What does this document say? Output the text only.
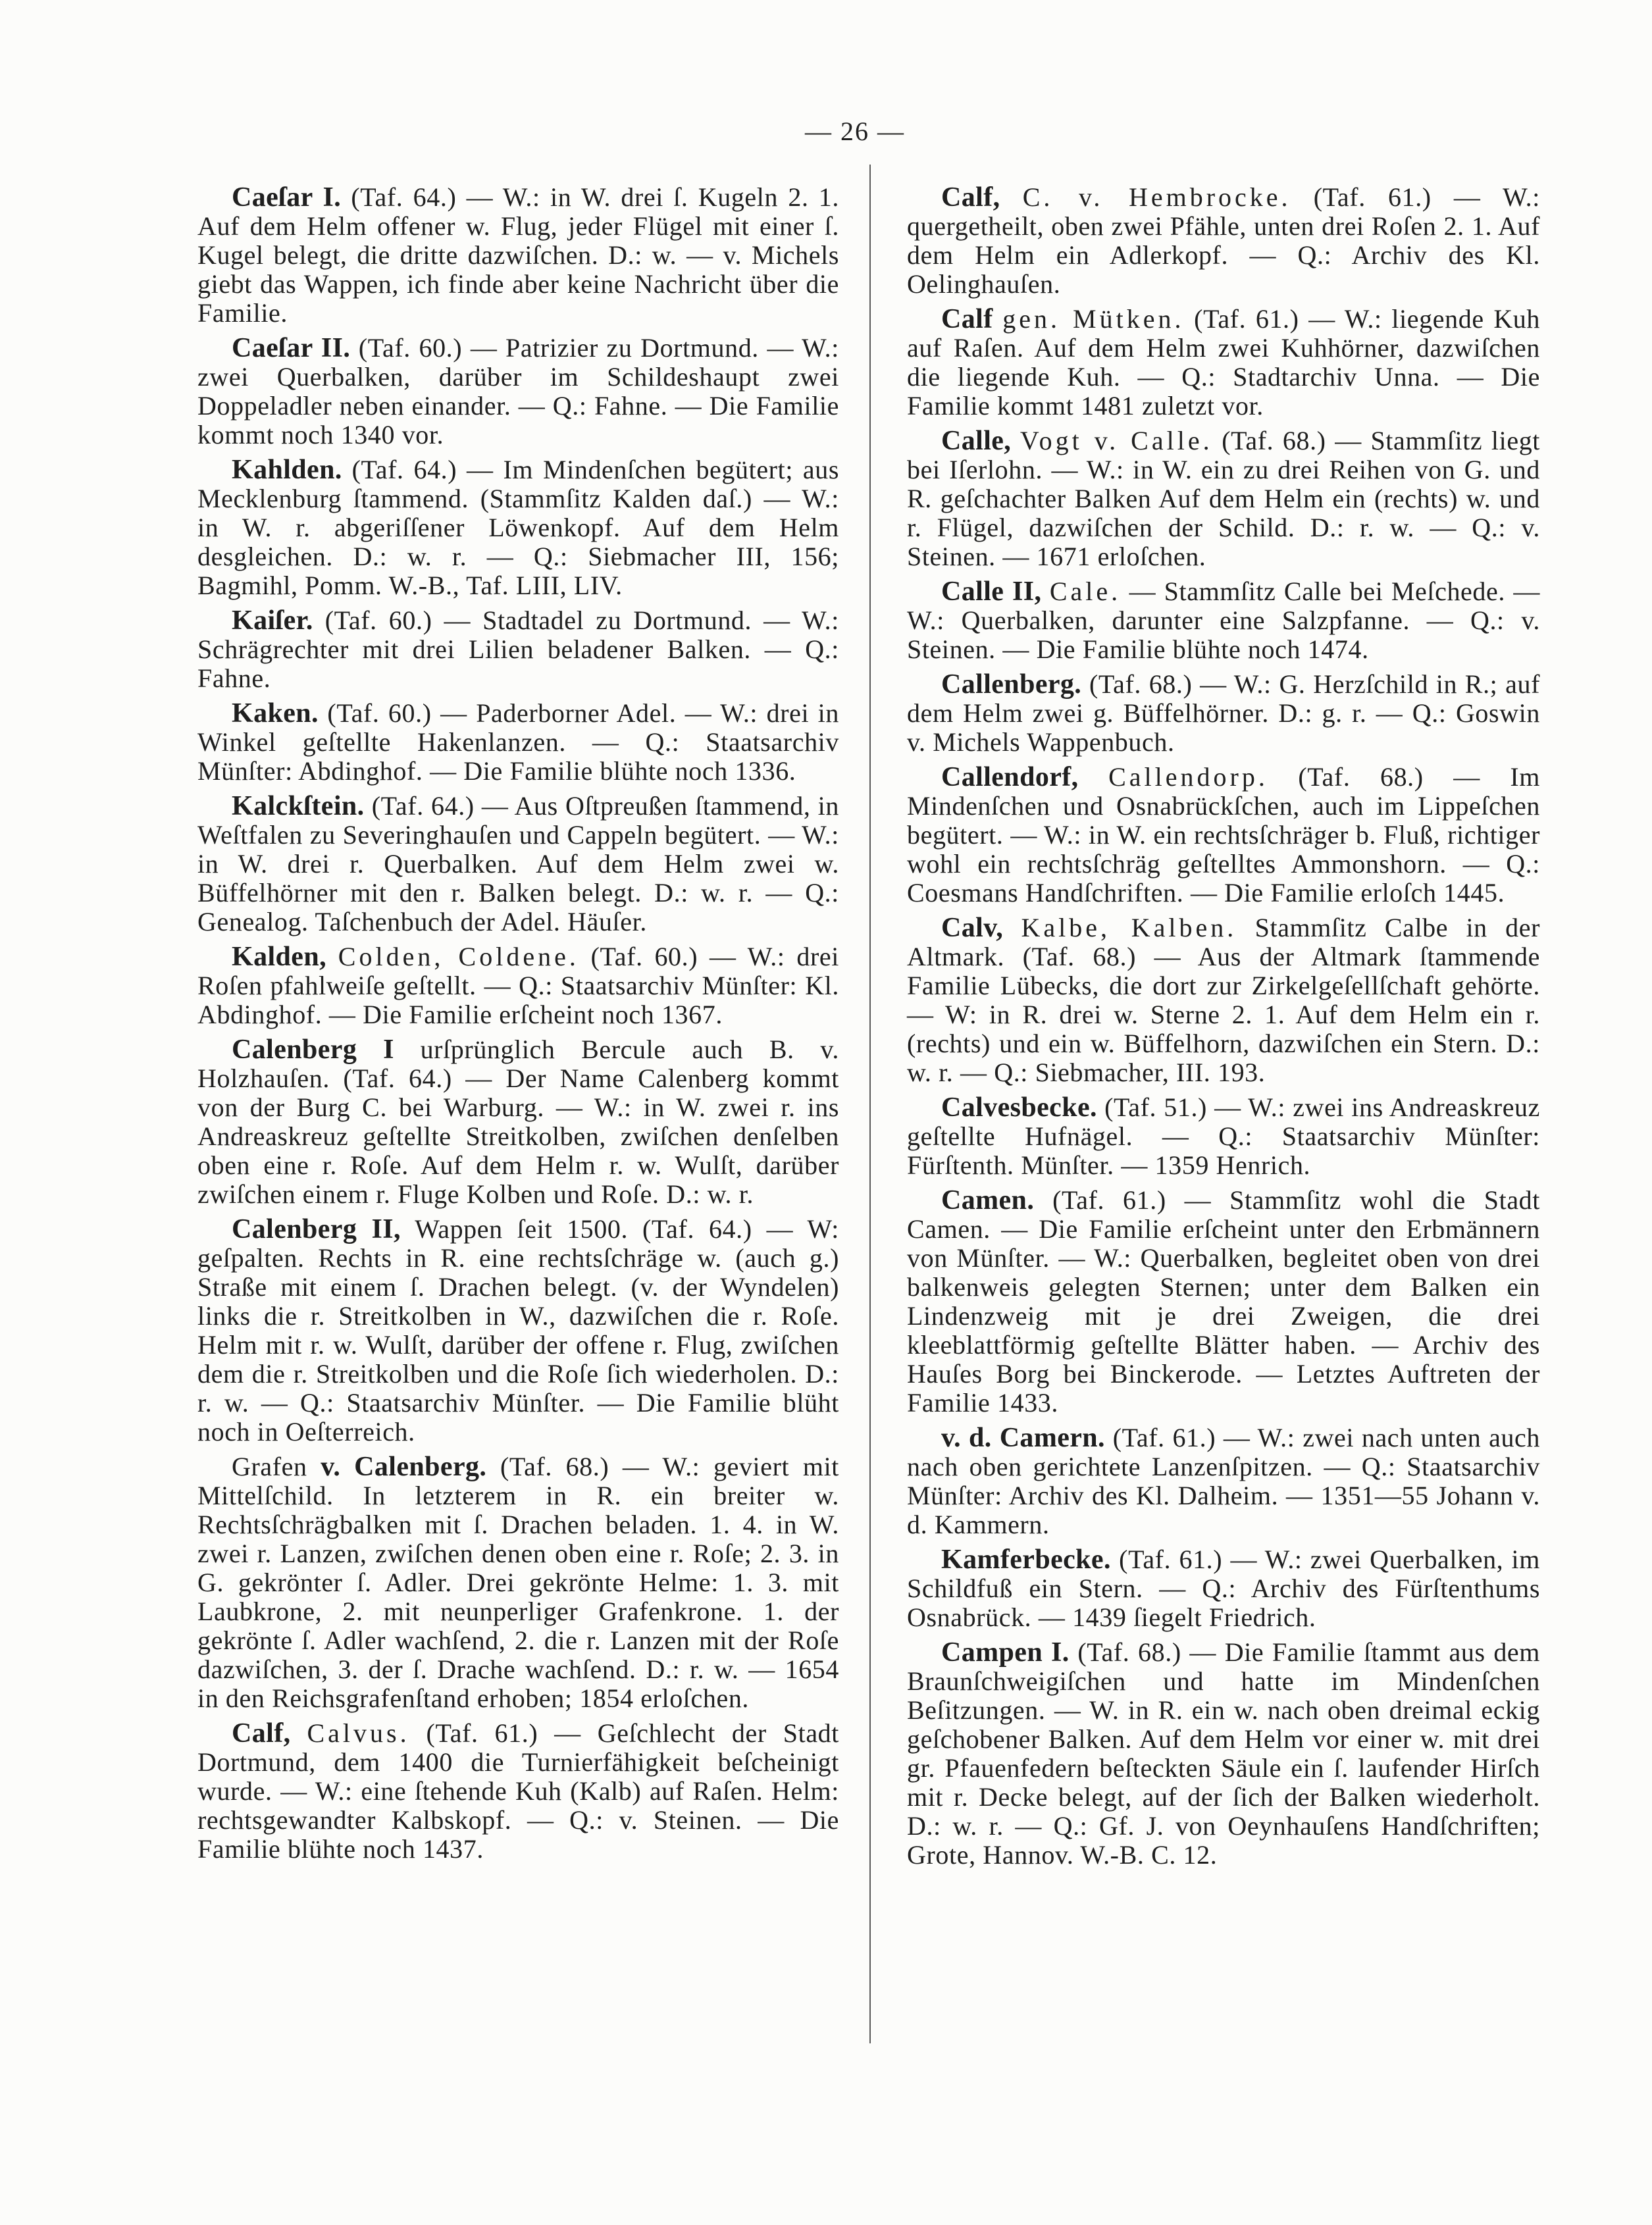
— 26 —

Caeſar I. (Taf. 64.) — W.: in W. drei ſ. Kugeln 2. 1. Auf dem Helm offener w. Flug, jeder Flügel mit einer ſ. Kugel belegt, die dritte dazwiſchen. D.: w. — v. Michels giebt das Wappen, ich finde aber keine Nachricht über die Familie.

Caeſar II. (Taf. 60.) — Patrizier zu Dortmund. — W.: zwei Querbalken, darüber im Schildeshaupt zwei Doppeladler neben einander. — Q.: Fahne. — Die Familie kommt noch 1340 vor.

Kahlden. (Taf. 64.) — Im Mindenſchen begütert; aus Mecklenburg ſtammend. (Stammſitz Kalden daſ.) — W.: in W. r. abgeriſſener Löwenkopf. Auf dem Helm desgleichen. D.: w. r. — Q.: Siebmacher III, 156; Bagmihl, Pomm. W.-B., Taf. LIII, LIV.

Kaiſer. (Taf. 60.) — Stadtadel zu Dortmund. — W.: Schrägrechter mit drei Lilien beladener Balken. — Q.: Fahne.

Kaken. (Taf. 60.) — Paderborner Adel. — W.: drei in Winkel geſtellte Hakenlanzen. — Q.: Staatsarchiv Münſter: Abdinghof. — Die Familie blühte noch 1336.

Kalckſtein. (Taf. 64.) — Aus Oſtpreußen ſtammend, in Weſtfalen zu Severinghauſen und Cappeln begütert. — W.: in W. drei r. Querbalken. Auf dem Helm zwei w. Büffelhörner mit den r. Balken belegt. D.: w. r. — Q.: Genealog. Taſchenbuch der Adel. Häuſer.

Kalden, Colden, Coldene. (Taf. 60.) — W.: drei Roſen pfahlweiſe geſtellt. — Q.: Staatsarchiv Münſter: Kl. Abdinghof. — Die Familie erſcheint noch 1367.

Calenberg I urſprünglich Bercule auch B. v. Holzhauſen. (Taf. 64.) — Der Name Calenberg kommt von der Burg C. bei Warburg. — W.: in W. zwei r. ins Andreaskreuz geſtellte Streitkolben, zwiſchen denſelben oben eine r. Roſe. Auf dem Helm r. w. Wulſt, darüber zwiſchen einem r. Fluge Kolben und Roſe. D.: w. r.

Calenberg II, Wappen ſeit 1500. (Taf. 64.) — W: geſpalten. Rechts in R. eine rechtsſchräge w. (auch g.) Straße mit einem ſ. Drachen belegt. (v. der Wyndelen) links die r. Streitkolben in W., dazwiſchen die r. Roſe. Helm mit r. w. Wulſt, darüber der offene r. Flug, zwiſchen dem die r. Streitkolben und die Roſe ſich wiederholen. D.: r. w. — Q.: Staatsarchiv Münſter. — Die Familie blüht noch in Oeſterreich.

Grafen v. Calenberg. (Taf. 68.) — W.: geviert mit Mittelſchild. In letzterem in R. ein breiter w. Rechtsſchrägbalken mit ſ. Drachen beladen. 1. 4. in W. zwei r. Lanzen, zwiſchen denen oben eine r. Roſe; 2. 3. in G. gekrönter ſ. Adler. Drei gekrönte Helme: 1. 3. mit Laubkrone, 2. mit neunperliger Grafenkrone. 1. der gekrönte ſ. Adler wachſend, 2. die r. Lanzen mit der Roſe dazwiſchen, 3. der ſ. Drache wachſend. D.: r. w. — 1654 in den Reichsgrafenſtand erhoben; 1854 erloſchen.

Calf, Calvus. (Taf. 61.) — Geſchlecht der Stadt Dortmund, dem 1400 die Turnierfähigkeit beſcheinigt wurde. — W.: eine ſtehende Kuh (Kalb) auf Raſen. Helm: rechtsgewandter Kalbskopf. — Q.: v. Steinen. — Die Familie blühte noch 1437.

Calf, C. v. Hembrocke. (Taf. 61.) — W.: quergetheilt, oben zwei Pfähle, unten drei Roſen 2. 1. Auf dem Helm ein Adlerkopf. — Q.: Archiv des Kl. Oelinghauſen.

Calf gen. Mütken. (Taf. 61.) — W.: liegende Kuh auf Raſen. Auf dem Helm zwei Kuhhörner, dazwiſchen die liegende Kuh. — Q.: Stadtarchiv Unna. — Die Familie kommt 1481 zuletzt vor.

Calle, Vogt v. Calle. (Taf. 68.) — Stammſitz liegt bei Iſerlohn. — W.: in W. ein zu drei Reihen von G. und R. geſchachter Balken Auf dem Helm ein (rechts) w. und r. Flügel, dazwiſchen der Schild. D.: r. w. — Q.: v. Steinen. — 1671 erloſchen.

Calle II, Cale. — Stammſitz Calle bei Meſchede. — W.: Querbalken, darunter eine Salzpfanne. — Q.: v. Steinen. — Die Familie blühte noch 1474.

Callenberg. (Taf. 68.) — W.: G. Herzſchild in R.; auf dem Helm zwei g. Büffelhörner. D.: g. r. — Q.: Goswin v. Michels Wappenbuch.

Callendorf, Callendorp. (Taf. 68.) — Im Mindenſchen und Osnabrückſchen, auch im Lippeſchen begütert. — W.: in W. ein rechtsſchräger b. Fluß, richtiger wohl ein rechtsſchräg geſtelltes Ammonshorn. — Q.: Coesmans Handſchriften. — Die Familie erloſch 1445.

Calv, Kalbe, Kalben. Stammſitz Calbe in der Altmark. (Taf. 68.) — Aus der Altmark ſtammende Familie Lübecks, die dort zur Zirkelgeſellſchaft gehörte. — W: in R. drei w. Sterne 2. 1. Auf dem Helm ein r. (rechts) und ein w. Büffelhorn, dazwiſchen ein Stern. D.: w. r. — Q.: Siebmacher, III. 193.

Calvesbecke. (Taf. 51.) — W.: zwei ins Andreaskreuz geſtellte Hufnägel. — Q.: Staatsarchiv Münſter: Fürſtenth. Münſter. — 1359 Henrich.

Camen. (Taf. 61.) — Stammſitz wohl die Stadt Camen. — Die Familie erſcheint unter den Erbmännern von Münſter. — W.: Querbalken, begleitet oben von drei balkenweis gelegten Sternen; unter dem Balken ein Lindenzweig mit je drei Zweigen, die drei kleeblattförmig geſtellte Blätter haben. — Archiv des Hauſes Borg bei Binckerode. — Letztes Auftreten der Familie 1433.

v. d. Camern. (Taf. 61.) — W.: zwei nach unten auch nach oben gerichtete Lanzenſpitzen. — Q.: Staatsarchiv Münſter: Archiv des Kl. Dalheim. — 1351—55 Johann v. d. Kammern.

Kamferbecke. (Taf. 61.) — W.: zwei Querbalken, im Schildfuß ein Stern. — Q.: Archiv des Fürſtenthums Osnabrück. — 1439 ſiegelt Friedrich.

Campen I. (Taf. 68.) — Die Familie ſtammt aus dem Braunſchweigiſchen und hatte im Mindenſchen Beſitzungen. — W. in R. ein w. nach oben dreimal eckig geſchobener Balken. Auf dem Helm vor einer w. mit drei gr. Pfauenfedern beſteckten Säule ein ſ. laufender Hirſch mit r. Decke belegt, auf der ſich der Balken wiederholt. D.: w. r. — Q.: Gf. J. von Oeynhauſens Handſchriften; Grote, Hannov. W.-B. C. 12.
